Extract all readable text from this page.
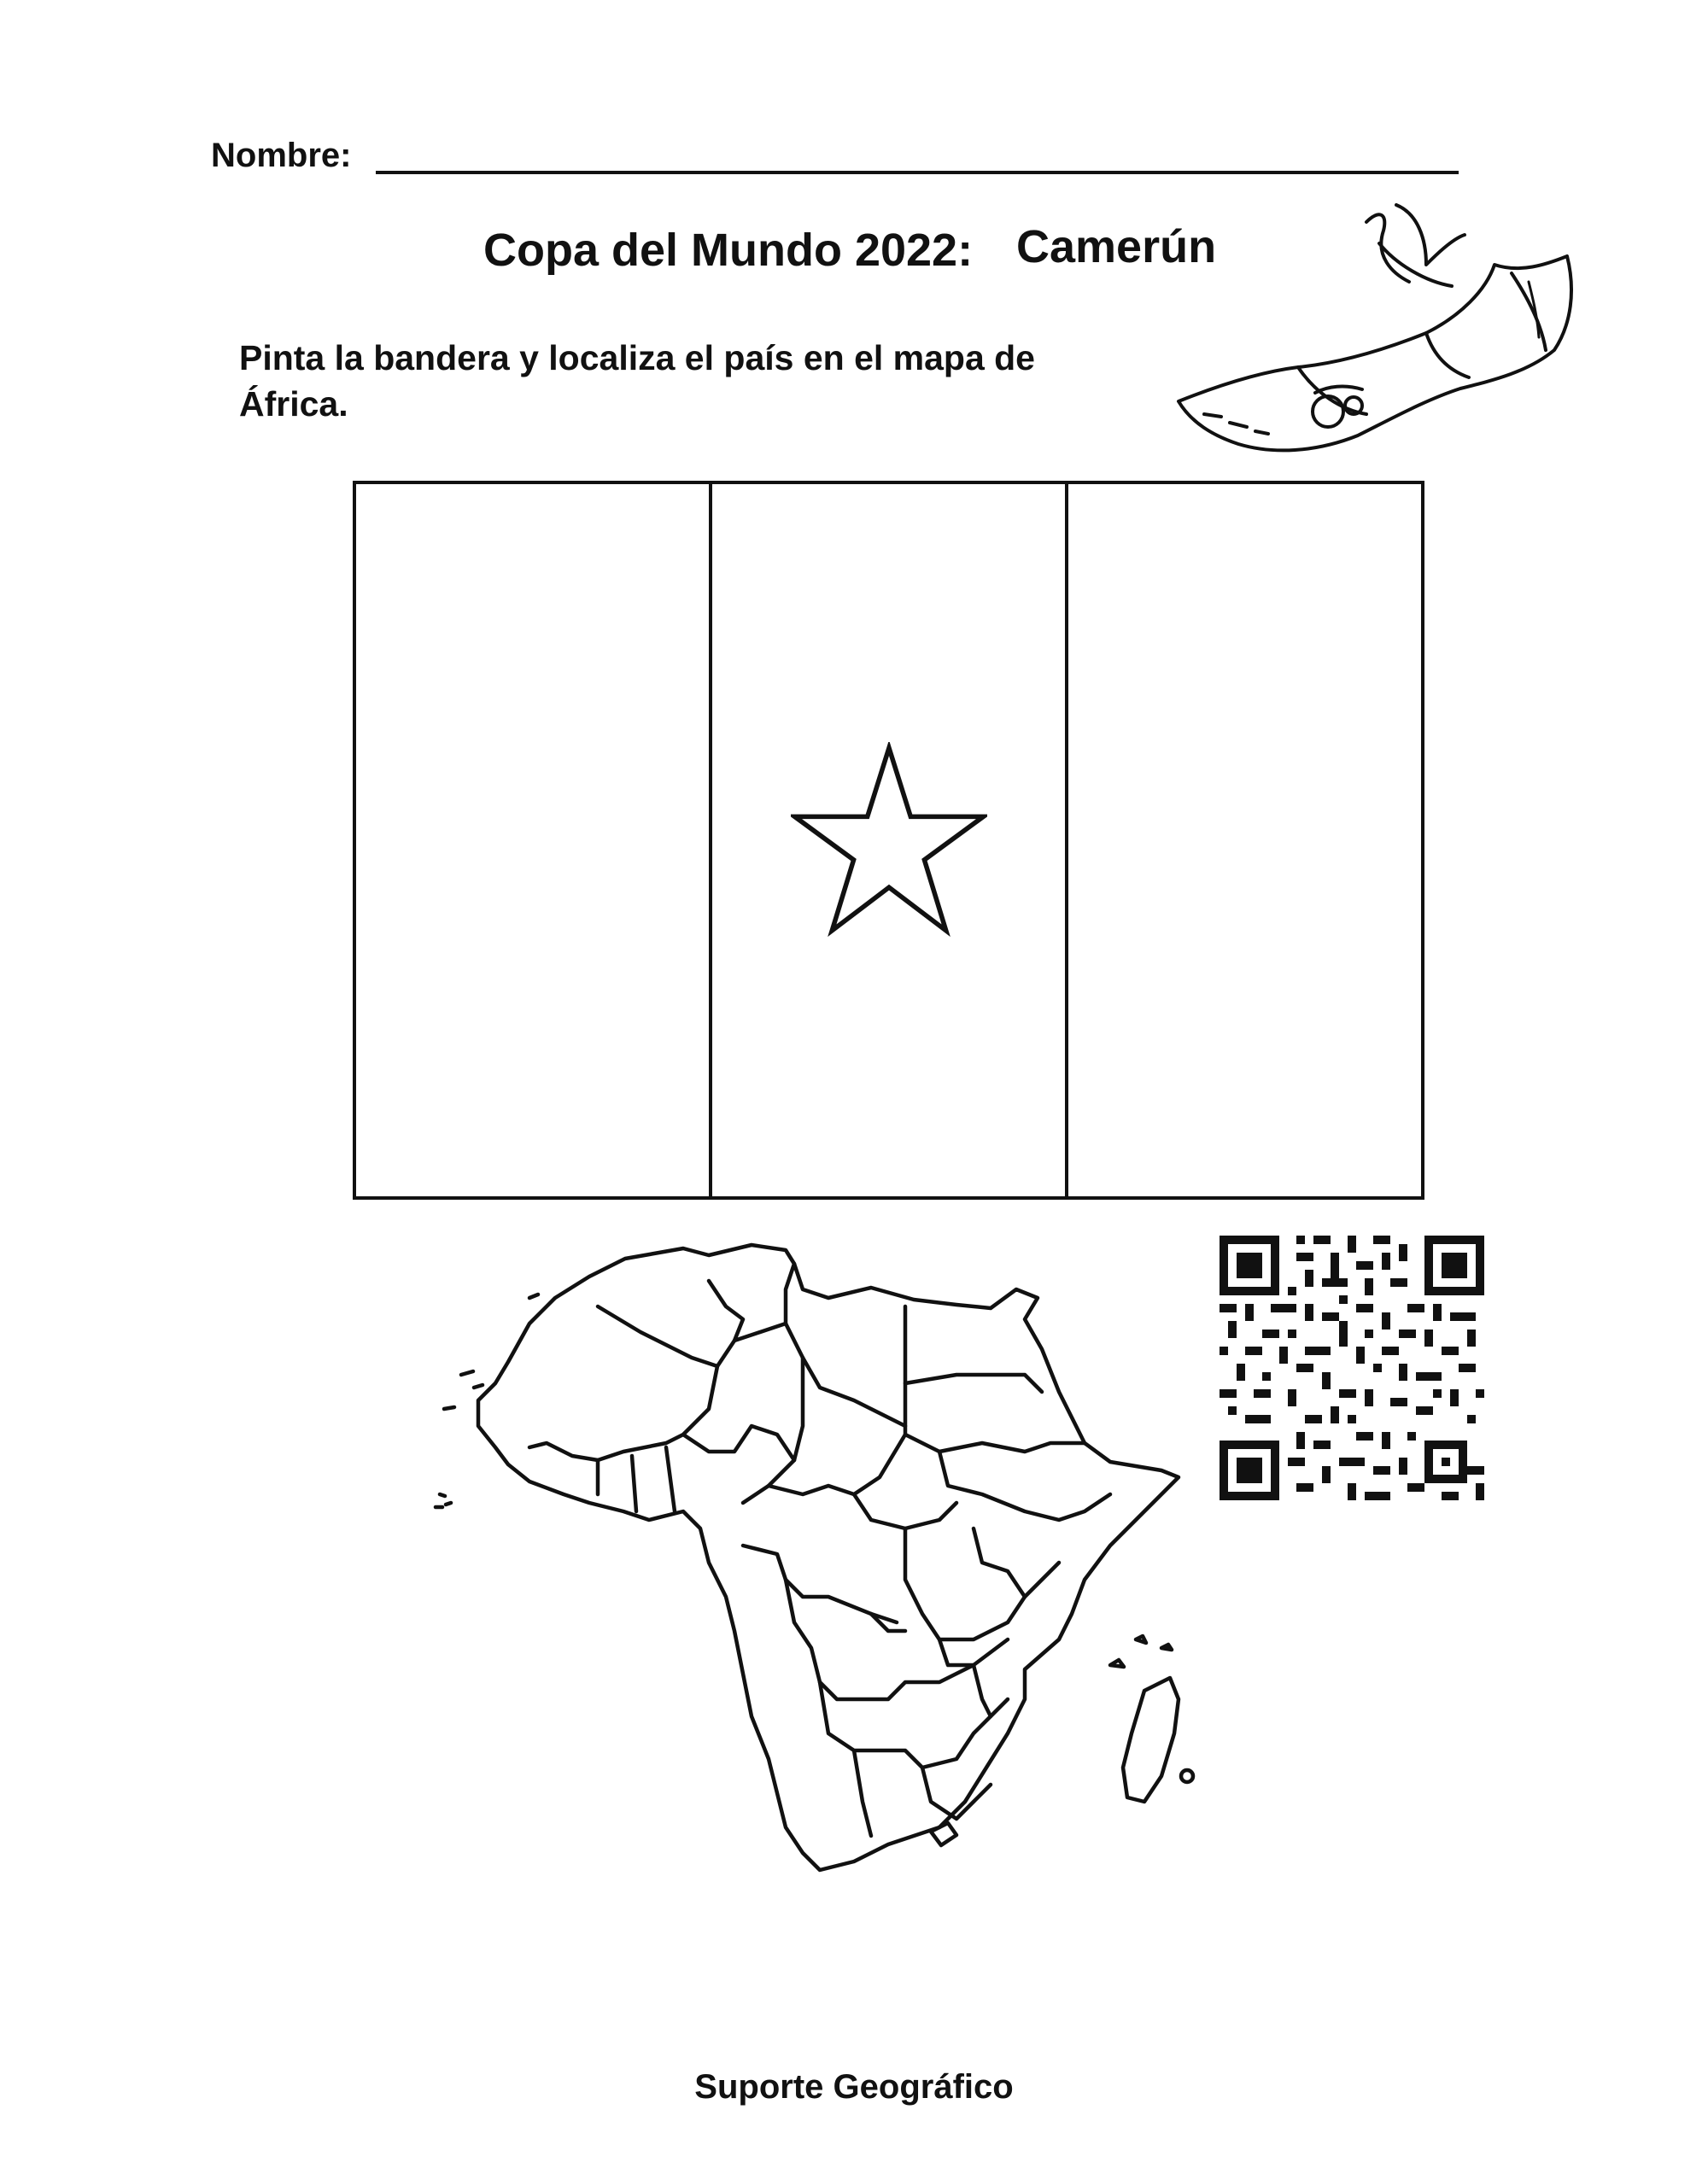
Nombre:
Copa del Mundo 2022: Camerún
Pinta la bandera y localiza el país en el mapa de África.
Suporte Geográfico
